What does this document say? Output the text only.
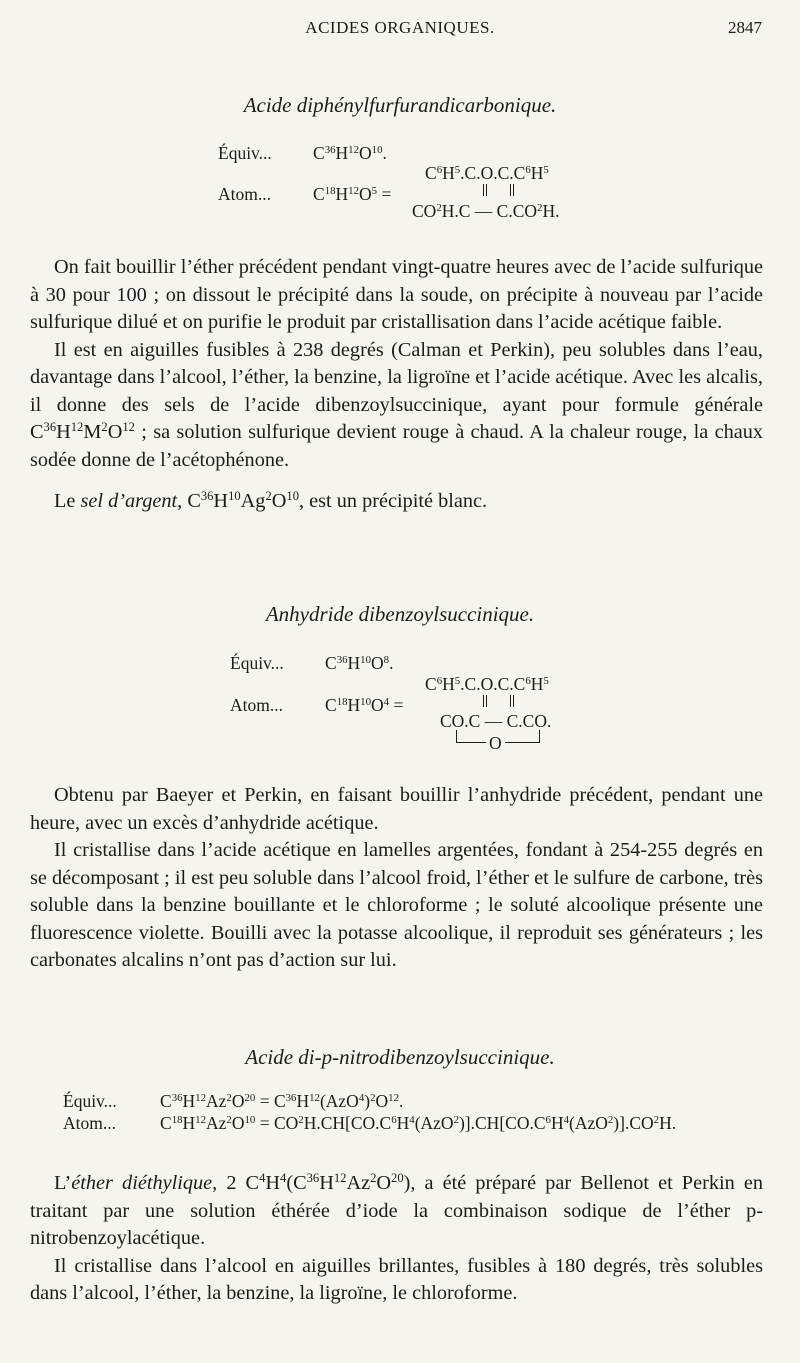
ACIDES ORGANIQUES.	2847
Acide diphénylfurfurandicarbonique.
Équiv... $C^{36}H^{12}O^{10}$.
$C^6H^5.C.O.C.C^6H^5$
Atom... $C^{18}H^{12}O^5$ =
$CO^2H.C$ — $C.CO^2H$.

On fait bouillir l’éther précédent pendant vingt-quatre heures avec de l’acide sulfurique à 30 pour 100 ; on dissout le précipité dans la soude, on précipite à nouveau par l’acide sulfurique dilué et on purifie le produit par cristallisation dans l’acide acétique faible.

Il est en aiguilles fusibles à 238 degrés (Calman et Perkin), peu solubles dans l’eau, davantage dans l’alcool, l’éther, la benzine, la ligroïne et l’acide acétique. Avec les alcalis, il donne des sels de l’acide dibenzoylsuccinique, ayant pour formule générale $C^{36}H^{12}M^2O^{12}$ ; sa solution sulfurique devient rouge à chaud. A la chaleur rouge, la chaux sodée donne de l’acétophénone.

Le sel d’argent, $C^{36}H^{10}Ag^2O^{10}$, est un précipité blanc.

Anhydride dibenzoylsuccinique.
Équiv... $C^{36}H^{10}O^8$.
$C^6H^5.C.O.C.C^6H^5$
Atom... $C^{18}H^{10}O^4$ =
CO.C — C.CO.
O

Obtenu par Baeyer et Perkin, en faisant bouillir l’anhydride précédent, pendant une heure, avec un excès d’anhydride acétique.

Il cristallise dans l’acide acétique en lamelles argentées, fondant à 254-255 degrés en se décomposant ; il est peu soluble dans l’alcool froid, l’éther et le sulfure de carbone, très soluble dans la benzine bouillante et le chloroforme ; le soluté alcoolique présente une fluorescence violette. Bouilli avec la potasse alcoolique, il reproduit ses générateurs ; les carbonates alcalins n’ont pas d’action sur lui.

Acide di-p-nitrodibenzoylsuccinique.
Équiv... $C^{36}H^{12}Az^2O^{20} = C^{36}H^{12}(AzO^4)^2O^{12}$.
Atom...	$C^{18}H^{12}Az^2O^{10} = CO^2H.CH[CO.C^6H^4(AzO^2)].CH[CO.C^6H^4(AzO^2)].CO^2H$.

L’éther diéthylique, 2 $C^4H^4(C^{36}H^{12}Az^2O^{20})$, a été préparé par Bellenot et Perkin en traitant par une solution éthérée d’iode la combinaison sodique de l’éther p-nitrobenzoylacétique.

Il cristallise dans l’alcool en aiguilles brillantes, fusibles à 180 degrés, très solubles dans l’alcool, l’éther, la benzine, la ligroïne, le chloroforme.
